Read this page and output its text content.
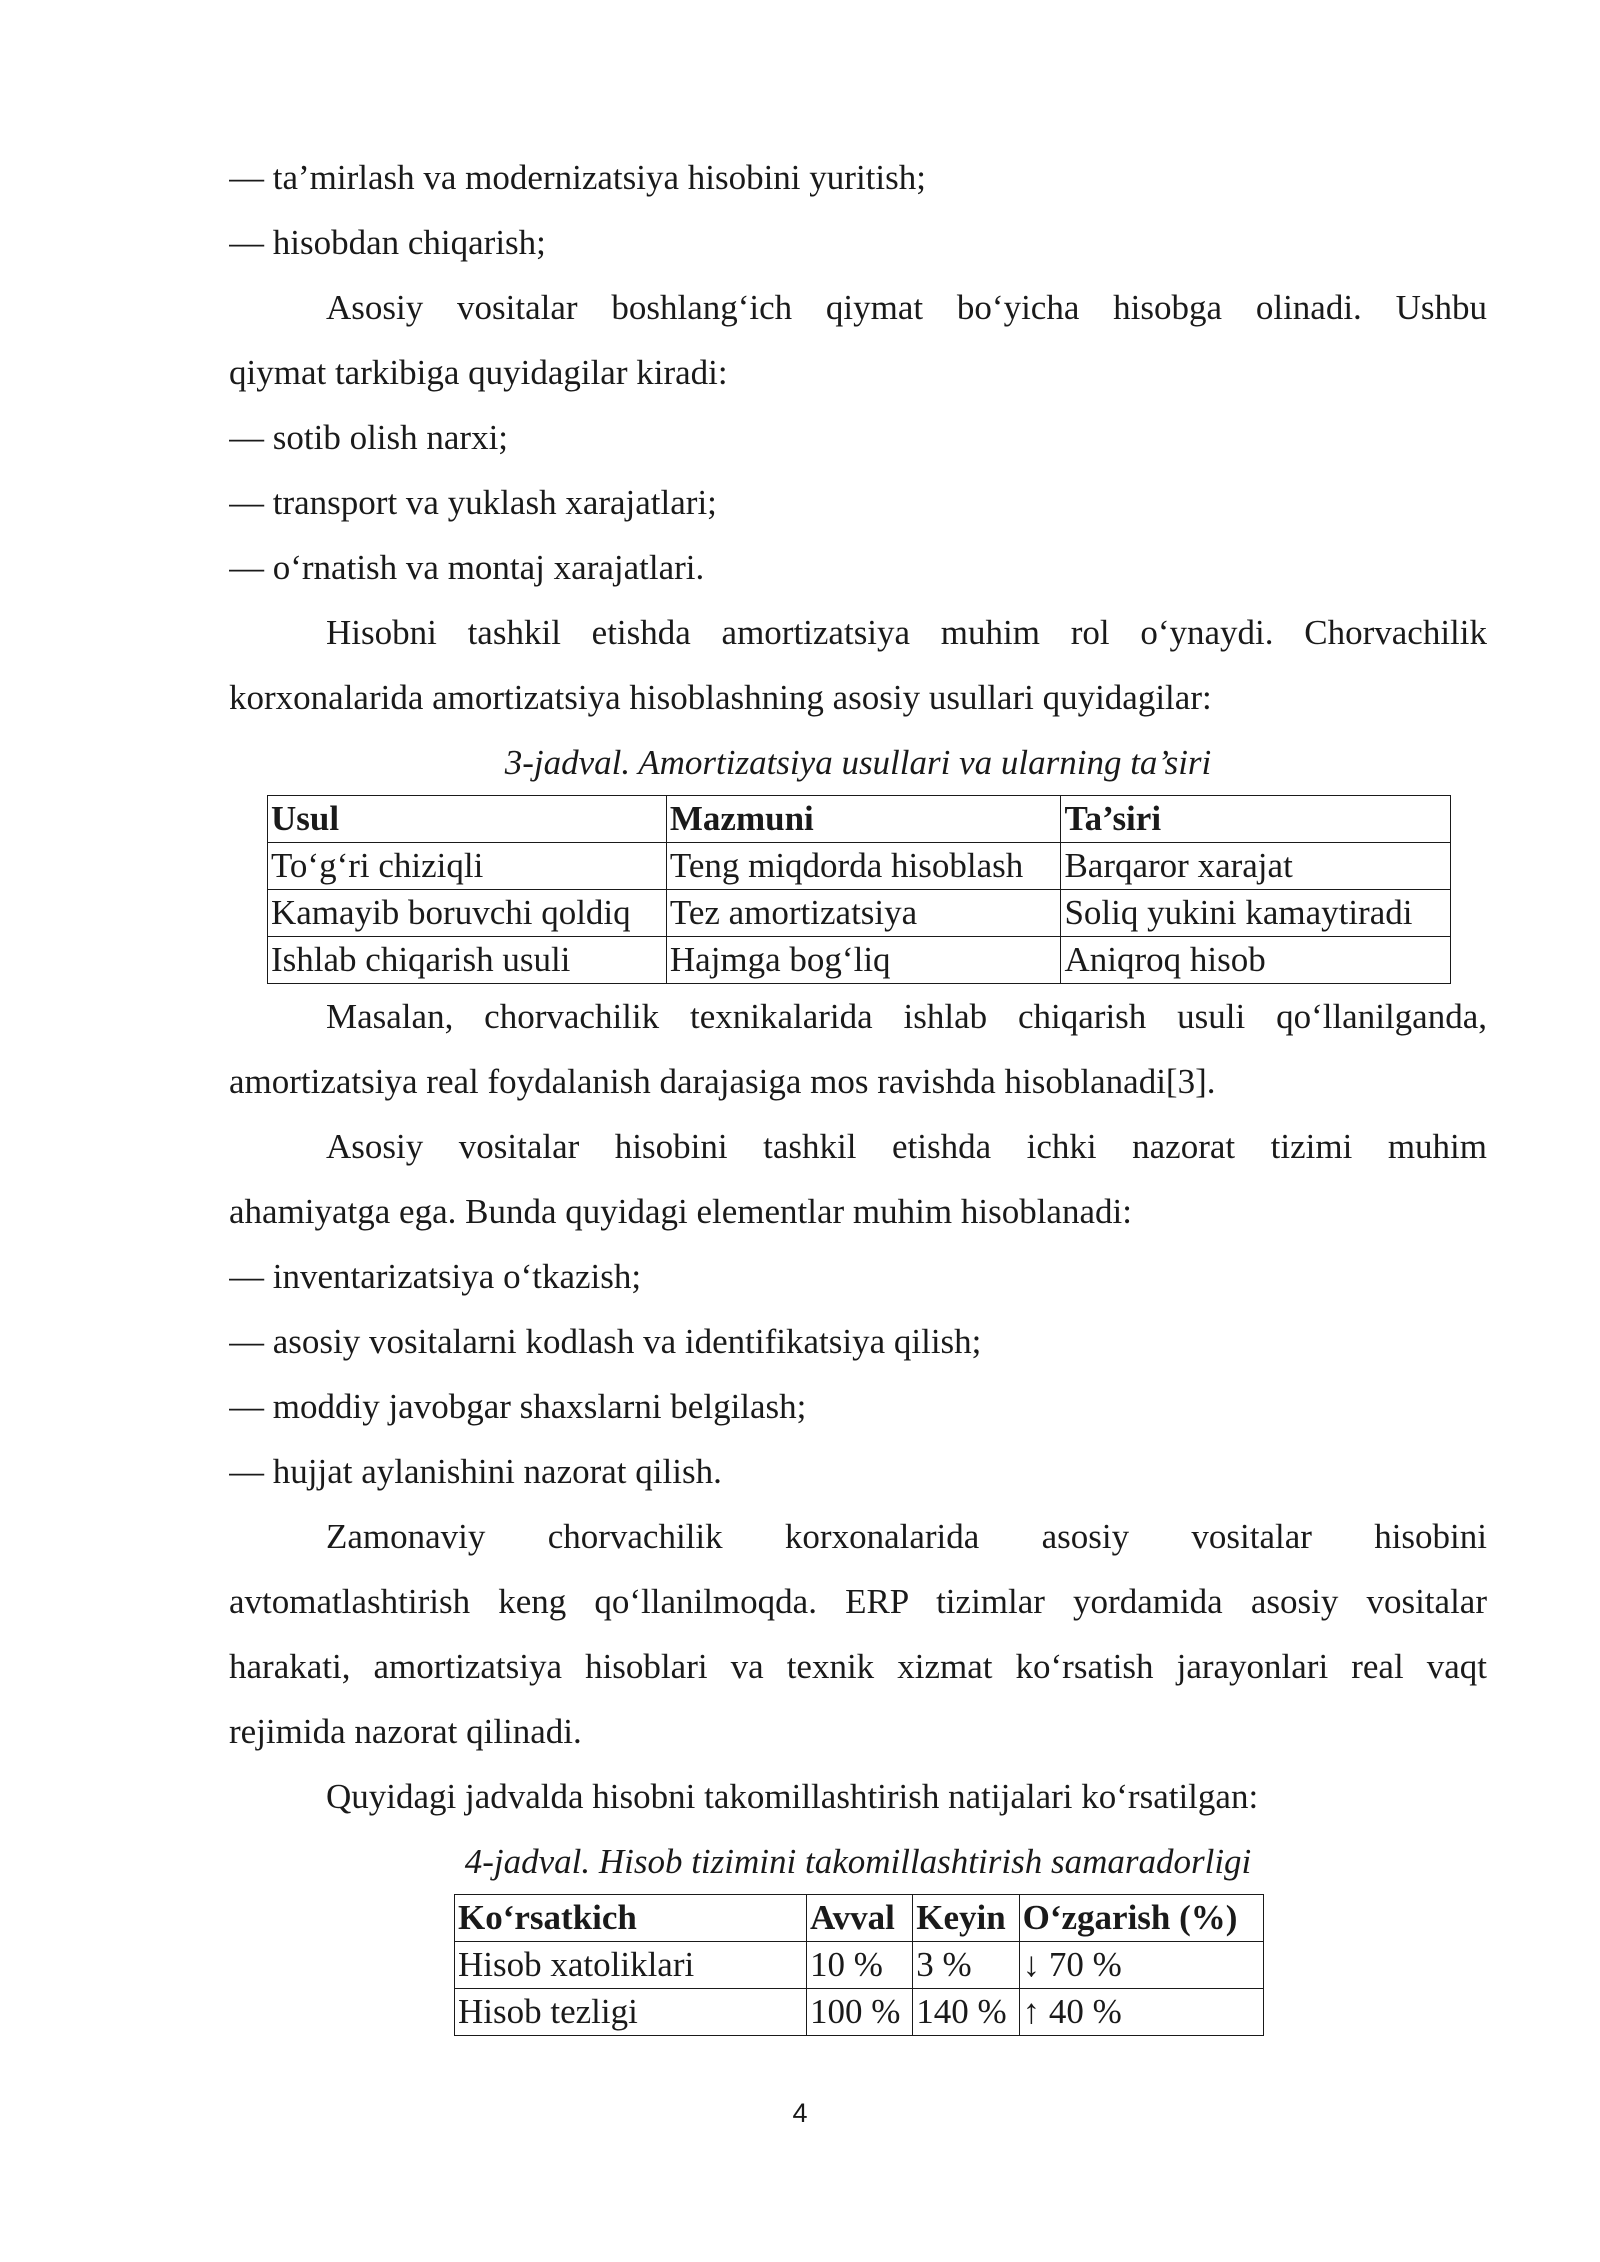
— ta’mirlash va modernizatsiya hisobini yuritish;
— hisobdan chiqarish;
Asosiy vositalar boshlang‘ich qiymat bo‘yicha hisobga olinadi. Ushbu
qiymat tarkibiga quyidagilar kiradi:
— sotib olish narxi;
— transport va yuklash xarajatlari;
— o‘rnatish va montaj xarajatlari.
Hisobni tashkil etishda amortizatsiya muhim rol o‘ynaydi. Chorvachilik
korxonalarida amortizatsiya hisoblashning asosiy usullari quyidagilar:
3-jadval. Amortizatsiya usullari va ularning ta’siri
Usul	Mazmuni	Ta’siri
To‘g‘ri chiziqli	Teng miqdorda hisoblash	Barqaror xarajat
Kamayib boruvchi qoldiq	Tez amortizatsiya	Soliq yukini kamaytiradi
Ishlab chiqarish usuli	Hajmga bog‘liq	Aniqroq hisob
Masalan, chorvachilik texnikalarida ishlab chiqarish usuli qo‘llanilganda,
amortizatsiya real foydalanish darajasiga mos ravishda hisoblanadi[3].
Asosiy vositalar hisobini tashkil etishda ichki nazorat tizimi muhim
ahamiyatga ega. Bunda quyidagi elementlar muhim hisoblanadi:
— inventarizatsiya o‘tkazish;
— asosiy vositalarni kodlash va identifikatsiya qilish;
— moddiy javobgar shaxslarni belgilash;
— hujjat aylanishini nazorat qilish.
Zamonaviy chorvachilik korxonalarida asosiy vositalar hisobini
avtomatlashtirish keng qo‘llanilmoqda. ERP tizimlar yordamida asosiy vositalar
harakati, amortizatsiya hisoblari va texnik xizmat ko‘rsatish jarayonlari real vaqt
rejimida nazorat qilinadi.
Quyidagi jadvalda hisobni takomillashtirish natijalari ko‘rsatilgan:
4-jadval. Hisob tizimini takomillashtirish samaradorligi
Ko‘rsatkich	Avval	Keyin	O‘zgarish (%)
Hisob xatoliklari	10 %	3 %	↓ 70 %
Hisob tezligi	100 %	140 %	↑ 40 %
4
